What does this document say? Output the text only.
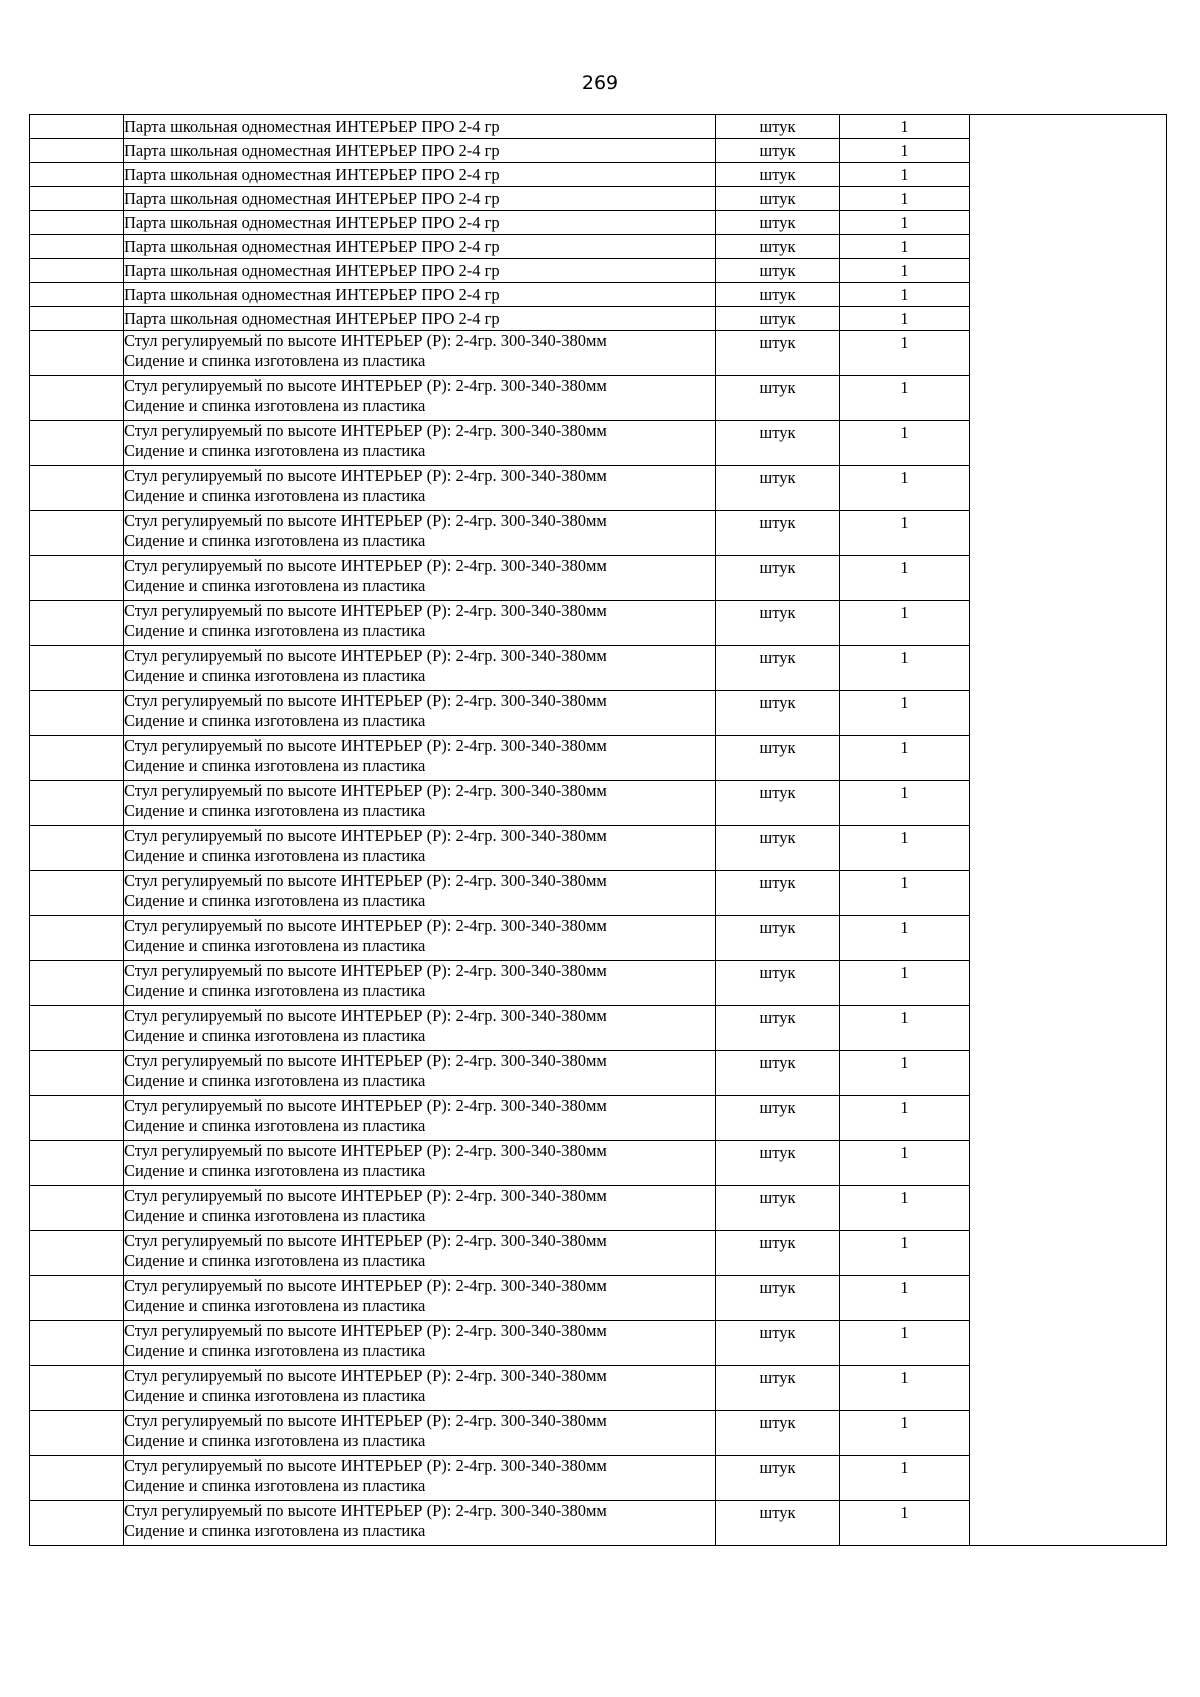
269

	Парта школьная одноместная ИНТЕРЬЕР ПРО 2-4 гр	штук	1	

	Парта школьная одноместная ИНТЕРЬЕР ПРО 2-4 гр	штук	1	

	Парта школьная одноместная ИНТЕРЬЕР ПРО 2-4 гр	штук	1	

	Парта школьная одноместная ИНТЕРЬЕР ПРО 2-4 гр	штук	1	

	Парта школьная одноместная ИНТЕРЬЕР ПРО 2-4 гр	штук	1	

	Парта школьная одноместная ИНТЕРЬЕР ПРО 2-4 гр	штук	1	

	Парта школьная одноместная ИНТЕРЬЕР ПРО 2-4 гр	штук	1	

	Парта школьная одноместная ИНТЕРЬЕР ПРО 2-4 гр	штук	1	

	Парта школьная одноместная ИНТЕРЬЕР ПРО 2-4 гр	штук	1	

	Стул регулируемый по высоте ИНТЕРЬЕР (Р): 2-4гр. 300-340-380мм
Сидение и спинка изготовлена из пластика	штук	1	

	Стул регулируемый по высоте ИНТЕРЬЕР (Р): 2-4гр. 300-340-380мм
Сидение и спинка изготовлена из пластика	штук	1	

	Стул регулируемый по высоте ИНТЕРЬЕР (Р): 2-4гр. 300-340-380мм
Сидение и спинка изготовлена из пластика	штук	1	

	Стул регулируемый по высоте ИНТЕРЬЕР (Р): 2-4гр. 300-340-380мм
Сидение и спинка изготовлена из пластика	штук	1	

	Стул регулируемый по высоте ИНТЕРЬЕР (Р): 2-4гр. 300-340-380мм
Сидение и спинка изготовлена из пластика	штук	1	

	Стул регулируемый по высоте ИНТЕРЬЕР (Р): 2-4гр. 300-340-380мм
Сидение и спинка изготовлена из пластика	штук	1	

	Стул регулируемый по высоте ИНТЕРЬЕР (Р): 2-4гр. 300-340-380мм
Сидение и спинка изготовлена из пластика	штук	1	

	Стул регулируемый по высоте ИНТЕРЬЕР (Р): 2-4гр. 300-340-380мм
Сидение и спинка изготовлена из пластика	штук	1	

	Стул регулируемый по высоте ИНТЕРЬЕР (Р): 2-4гр. 300-340-380мм
Сидение и спинка изготовлена из пластика	штук	1	

	Стул регулируемый по высоте ИНТЕРЬЕР (Р): 2-4гр. 300-340-380мм
Сидение и спинка изготовлена из пластика	штук	1	

	Стул регулируемый по высоте ИНТЕРЬЕР (Р): 2-4гр. 300-340-380мм
Сидение и спинка изготовлена из пластика	штук	1	

	Стул регулируемый по высоте ИНТЕРЬЕР (Р): 2-4гр. 300-340-380мм
Сидение и спинка изготовлена из пластика	штук	1	

	Стул регулируемый по высоте ИНТЕРЬЕР (Р): 2-4гр. 300-340-380мм
Сидение и спинка изготовлена из пластика	штук	1	

	Стул регулируемый по высоте ИНТЕРЬЕР (Р): 2-4гр. 300-340-380мм
Сидение и спинка изготовлена из пластика	штук	1	

	Стул регулируемый по высоте ИНТЕРЬЕР (Р): 2-4гр. 300-340-380мм
Сидение и спинка изготовлена из пластика	штук	1	

	Стул регулируемый по высоте ИНТЕРЬЕР (Р): 2-4гр. 300-340-380мм
Сидение и спинка изготовлена из пластика	штук	1	

	Стул регулируемый по высоте ИНТЕРЬЕР (Р): 2-4гр. 300-340-380мм
Сидение и спинка изготовлена из пластика	штук	1	

	Стул регулируемый по высоте ИНТЕРЬЕР (Р): 2-4гр. 300-340-380мм
Сидение и спинка изготовлена из пластика	штук	1	

	Стул регулируемый по высоте ИНТЕРЬЕР (Р): 2-4гр. 300-340-380мм
Сидение и спинка изготовлена из пластика	штук	1	

	Стул регулируемый по высоте ИНТЕРЬЕР (Р): 2-4гр. 300-340-380мм
Сидение и спинка изготовлена из пластика	штук	1	

	Стул регулируемый по высоте ИНТЕРЬЕР (Р): 2-4гр. 300-340-380мм
Сидение и спинка изготовлена из пластика	штук	1	

	Стул регулируемый по высоте ИНТЕРЬЕР (Р): 2-4гр. 300-340-380мм
Сидение и спинка изготовлена из пластика	штук	1	

	Стул регулируемый по высоте ИНТЕРЬЕР (Р): 2-4гр. 300-340-380мм
Сидение и спинка изготовлена из пластика	штук	1	

	Стул регулируемый по высоте ИНТЕРЬЕР (Р): 2-4гр. 300-340-380мм
Сидение и спинка изготовлена из пластика	штук	1	

	Стул регулируемый по высоте ИНТЕРЬЕР (Р): 2-4гр. 300-340-380мм
Сидение и спинка изготовлена из пластика	штук	1	

	Стул регулируемый по высоте ИНТЕРЬЕР (Р): 2-4гр. 300-340-380мм
Сидение и спинка изготовлена из пластика	штук	1	

	Стул регулируемый по высоте ИНТЕРЬЕР (Р): 2-4гр. 300-340-380мм
Сидение и спинка изготовлена из пластика	штук	1	
